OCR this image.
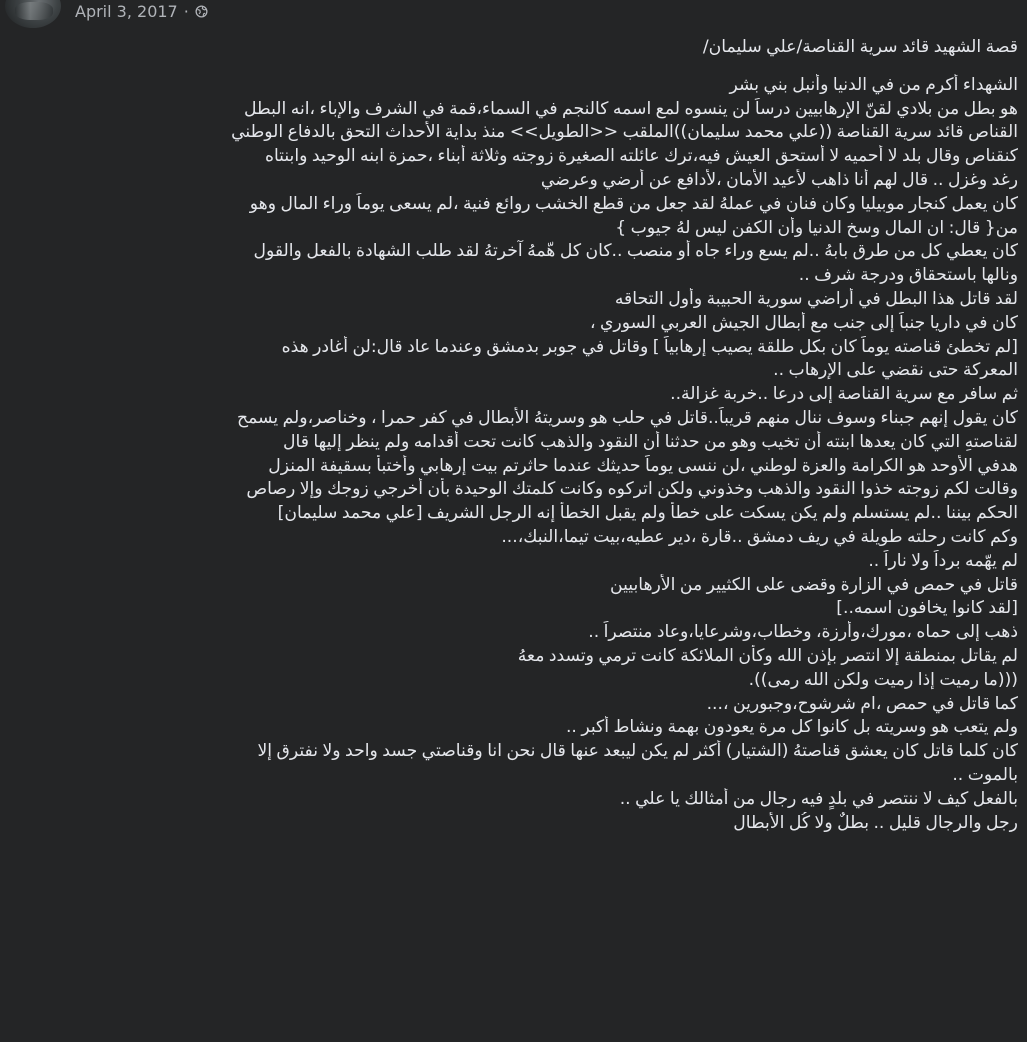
April 3, 2017 ·
قصة الشهيد قائد سرية القناصة/علي سليمان/
الشهداء أكرم من في الدنيا وأنبل بني بشر
هو بطل من بلادي لقنّ الإرهابيين درساً لن ينسوه لمع اسمه كالنجم في السماء،قمة في الشرف والإباء ،انه البطل
القناص قائد سرية القناصة ((علي محمد سليمان))الملقب <<الطويل>> منذ بداية الأحداث التحق بالدفاع الوطني
كنقناص وقال بلد لا أحميه لا أستحق العيش فيه،ترك عائلته الصغيرة زوجته وثلاثة أبناء ،حمزة ابنه الوحيد وابنتاه
رغد وغزل .. قال لهم أنا ذاهب لأعيد الأمان ،لأدافع عن أرضي وعرضي
كان يعمل كنجار موبيليا وكان فنان في عملهُ لقد جعل من قطع الخشب روائع فنية ،لم يسعى يوماً وراء المال وهو
من{ قال: ان المال وسخ الدنيا وأن الكفن ليس لهُ جيوب }
كان يعطي كل من طرق بابهُ ..لم يسع وراء جاه أو منصب ..كان كل هّمهُ آخرتهُ لقد طلب الشهادة بالفعل والقول
ونالها باستحقاق ودرجة شرف ..
لقد قاتل هذا البطل في أراضي سورية الحبيبة وأول التحاقه
كان في داريا جنباً إلى جنب مع أبطال الجيش العربي السوري ،
[لم تخطئ قناصته يوماً كان بكل طلقة يصيب إرهابياً ] وقاتل في جوبر بدمشق وعندما عاد قال:لن أغادر هذه
المعركة حتى نقضي على الإرهاب ..
ثم سافر مع سرية القناصة إلى درعا ..خربة غزالة..
كان يقول إنهم جبناء وسوف ننال منهم قريباً..قاتل في حلب هو وسريتهُ الأبطال في كفر حمرا ، وخناصر،ولم يسمح
لقناصتهِ التي كان يعدها ابنته أن تخيب وهو من حدثنا أن النقود والذهب كانت تحت أقدامه ولم ينظر إليها قال
هدفي الأوحد هو الكرامة والعزة لوطني ،لن ننسى يوماً حديثك عندما حاثرتم بيت إرهابي وأختبأ بسقيفة المنزل
وقالت لكم زوجته خذوا النقود والذهب وخذوني ولكن اتركوه وكانت كلمتك الوحيدة بأن أخرجي زوجك وإلا رصاص
الحكم بيننا ..لم يستسلم ولم يكن يسكت على خطأ ولم يقبل الخطأ إنه الرجل الشريف [علي محمد سليمان]
وكم كانت رحلته طويلة في ريف دمشق ..قارة ،دير عطيه،بيت تيما،النبك،...
لم يهّمه برداً ولا ناراً ..
قاتل في حمص في الزارة وقضى على الكثيير من الأرهابيين
[لقد كانوا يخافون اسمه..]
ذهب إلى حماه ،مورك،وأرزة، وخطاب،وشرعايا،وعاد منتصراً ..
لم يقاتل بمنطقة إلا انتصر بإذن الله وكأن الملائكة كانت ترمي وتسدد معهُ
(((ما رميت إذا رميت ولكن الله رمى)).
كما قاتل في حمص ،ام شرشوح،وجبورين ،...
ولم يتعب هو وسريته بل كانوا كل مرة يعودون بهمة ونشاط أكبر ..
كان كلما قاتل كان يعشق قناصتهُ (الشتيار) أكثر لم يكن ليبعد عنها قال نحن انا وقناصتي جسد واحد ولا نفترق إلا
بالموت ..
بالفعل كيف لا ننتصر في بلدٍ فيه رجال من أمثالك يا علي ..
رجل والرجال قليل .. بطلٌ ولا كُل الأبطال
